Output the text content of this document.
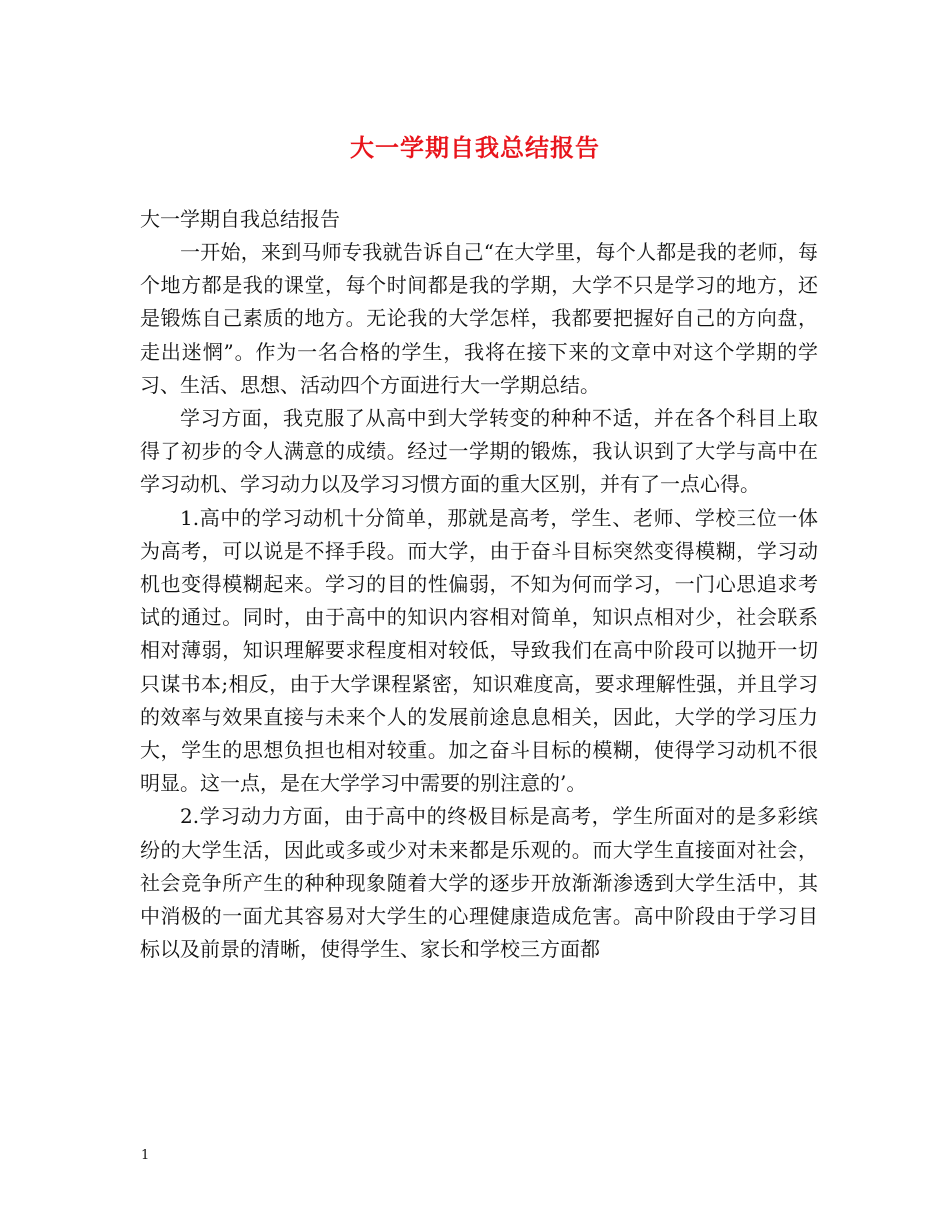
大一学期自我总结报告

大一学期自我总结报告

一开始，来到马师专我就告诉自己“在大学里，每个人都是我的老师，每个地方都是我的课堂，每个时间都是我的学期，大学不只是学习的地方，还是锻炼自己素质的地方。无论我的大学怎样，我都要把握好自己的方向盘，走出迷惘”。作为一名合格的学生，我将在接下来的文章中对这个学期的学习、生活、思想、活动四个方面进行大一学期总结。

学习方面，我克服了从高中到大学转变的种种不适，并在各个科目上取得了初步的令人满意的成绩。经过一学期的锻炼，我认识到了大学与高中在学习动机、学习动力以及学习习惯方面的重大区别，并有了一点心得。

1.高中的学习动机十分简单，那就是高考，学生、老师、学校三位一体为高考，可以说是不择手段。而大学，由于奋斗目标突然变得模糊，学习动机也变得模糊起来。学习的目的性偏弱，不知为何而学习，一门心思追求考试的通过。同时，由于高中的知识内容相对简单，知识点相对少，社会联系相对薄弱，知识理解要求程度相对较低，导致我们在高中阶段可以抛开一切只谋书本;相反，由于大学课程紧密，知识难度高，要求理解性强，并且学习的效率与效果直接与未来个人的发展前途息息相关，因此，大学的学习压力大，学生的思想负担也相对较重。加之奋斗目标的模糊，使得学习动机不很明显。这一点，是在大学学习中需要的别注意的’。

2.学习动力方面，由于高中的终极目标是高考，学生所面对的是多彩缤纷的大学生活，因此或多或少对未来都是乐观的。而大学生直接面对社会，社会竞争所产生的种种现象随着大学的逐步开放渐渐渗透到大学生活中，其中消极的一面尤其容易对大学生的心理健康造成危害。高中阶段由于学习目标以及前景的清晰，使得学生、家长和学校三方面都

1
